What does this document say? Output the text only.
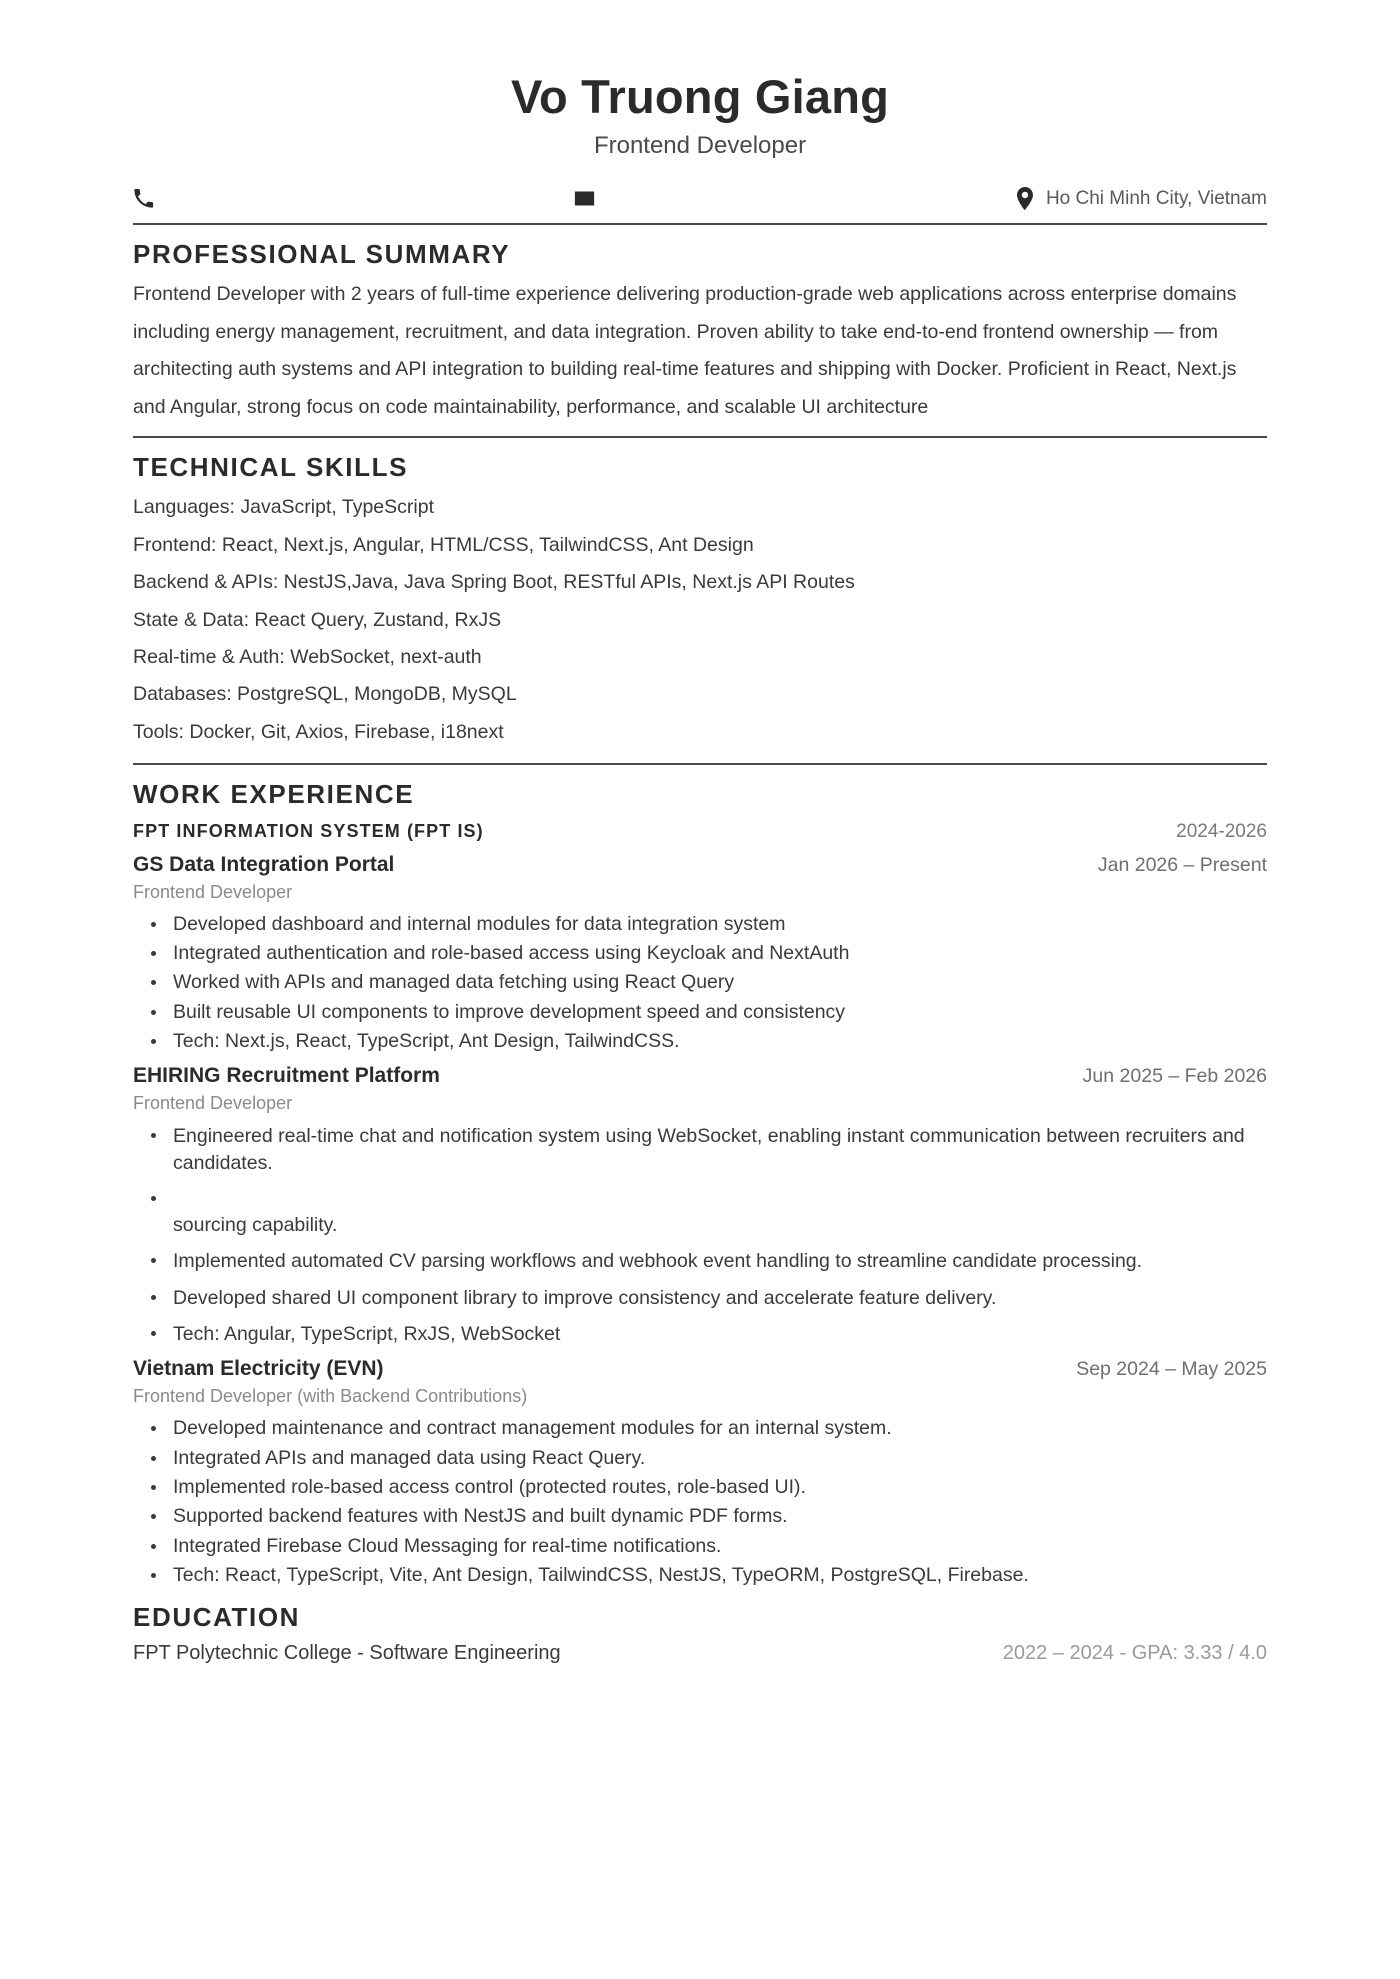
Vo Truong Giang
Frontend Developer
Ho Chi Minh City, Vietnam
PROFESSIONAL SUMMARY

Frontend Developer with 2 years of full-time experience delivering production-grade web applications across enterprise domains including energy management, recruitment, and data integration. Proven ability to take end-to-end frontend ownership — from architecting auth systems and API integration to building real-time features and shipping with Docker. Proficient in React, Next.js and Angular, strong focus on code maintainability, performance, and scalable UI architecture

TECHNICAL SKILLS
Languages: JavaScript, TypeScript
Frontend: React, Next.js, Angular, HTML/CSS, TailwindCSS, Ant Design
Backend & APIs: NestJS,Java, Java Spring Boot, RESTful APIs, Next.js API Routes
State & Data: React Query, Zustand, RxJS
Real-time & Auth: WebSocket, next-auth
Databases: PostgreSQL, MongoDB, MySQL
Tools: Docker, Git, Axios, Firebase, i18next
WORK EXPERIENCE
FPT INFORMATION SYSTEM (FPT IS)	2024-2026
GS Data Integration Portal	Jan 2026 – Present
Frontend Developer
Developed dashboard and internal modules for data integration system
Integrated authentication and role-based access using Keycloak and NextAuth
Worked with APIs and managed data fetching using React Query
Built reusable UI components to improve development speed and consistency
Tech: Next.js, React, TypeScript, Ant Design, TailwindCSS.
EHIRING Recruitment Platform	Jun 2025 – Feb 2026
Frontend Developer
Engineered real-time chat and notification system using WebSocket, enabling instant communication between recruiters and candidates.
sourcing capability.
Implemented automated CV parsing workflows and webhook event handling to streamline candidate processing.
Developed shared UI component library to improve consistency and accelerate feature delivery.
Tech: Angular, TypeScript, RxJS, WebSocket
Vietnam Electricity (EVN)	Sep 2024 – May 2025
Frontend Developer (with Backend Contributions)
Developed maintenance and contract management modules for an internal system.
Integrated APIs and managed data using React Query.
Implemented role-based access control (protected routes, role-based UI).
Supported backend features with NestJS and built dynamic PDF forms.
Integrated Firebase Cloud Messaging for real-time notifications.
Tech: React, TypeScript, Vite, Ant Design, TailwindCSS, NestJS, TypeORM, PostgreSQL, Firebase.
EDUCATION
FPT Polytechnic College - Software Engineering	2022 – 2024 - GPA: 3.33 / 4.0
